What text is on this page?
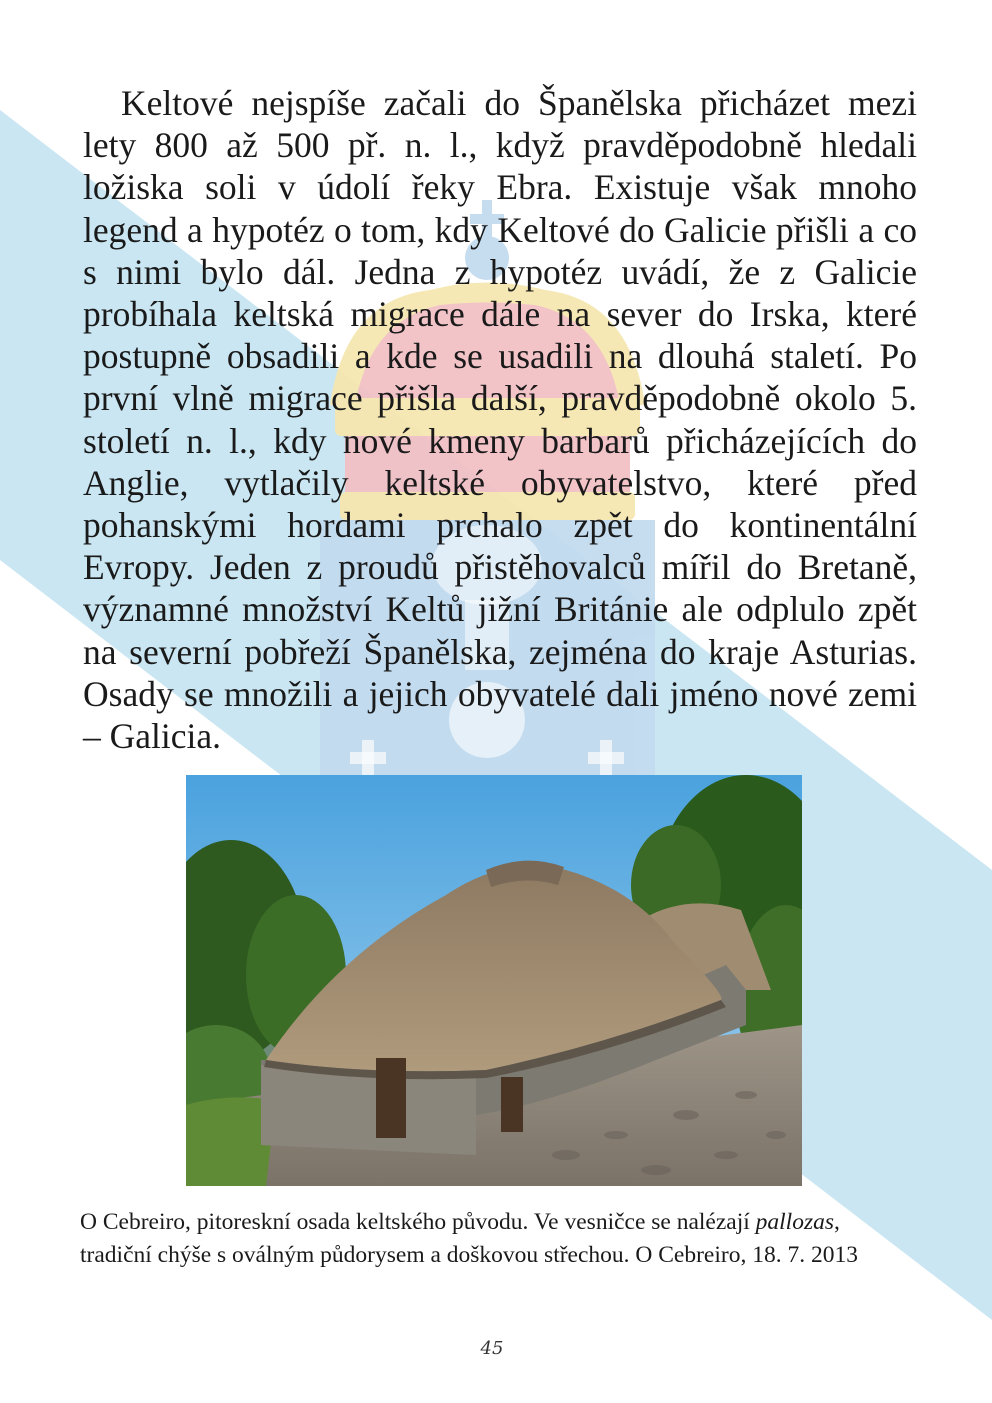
Keltové nejspíše začali do Španělska přicházet mezi lety 800 až 500 př. n. l., když pravděpodobně hledali ložiska soli v údolí řeky Ebra. Existuje však mnoho legend a hypotéz o tom, kdy Keltové do Galicie přišli a co s nimi bylo dál. Jedna z hypotéz uvádí, že z Galicie probíhala keltská migrace dále na sever do Irska, které postupně obsadili a kde se usadili na dlouhá staletí. Po první vlně migrace přišla další, pravděpodobně okolo 5. století n. l., kdy nové kmeny barbarů přicházejících do Anglie, vytlačily keltské obyvatelstvo, které před pohanskými hordami prchalo zpět do kontinentální Evropy. Jeden z proudů přistěhovalců mířil do Bretaně, významné množství Keltů jižní Británie ale odplulo zpět na severní pobřeží Španělska, zejména do kraje Asturias. Osady se množili a jejich obyvatelé dali jméno nové zemi – Galicia.

O Cebreiro, pitoreskní osada keltského původu. Ve vesničce se nalézají pallozas, tradiční chýše s oválným půdorysem a doškovou střechou. O Cebreiro, 18. 7. 2013

45
